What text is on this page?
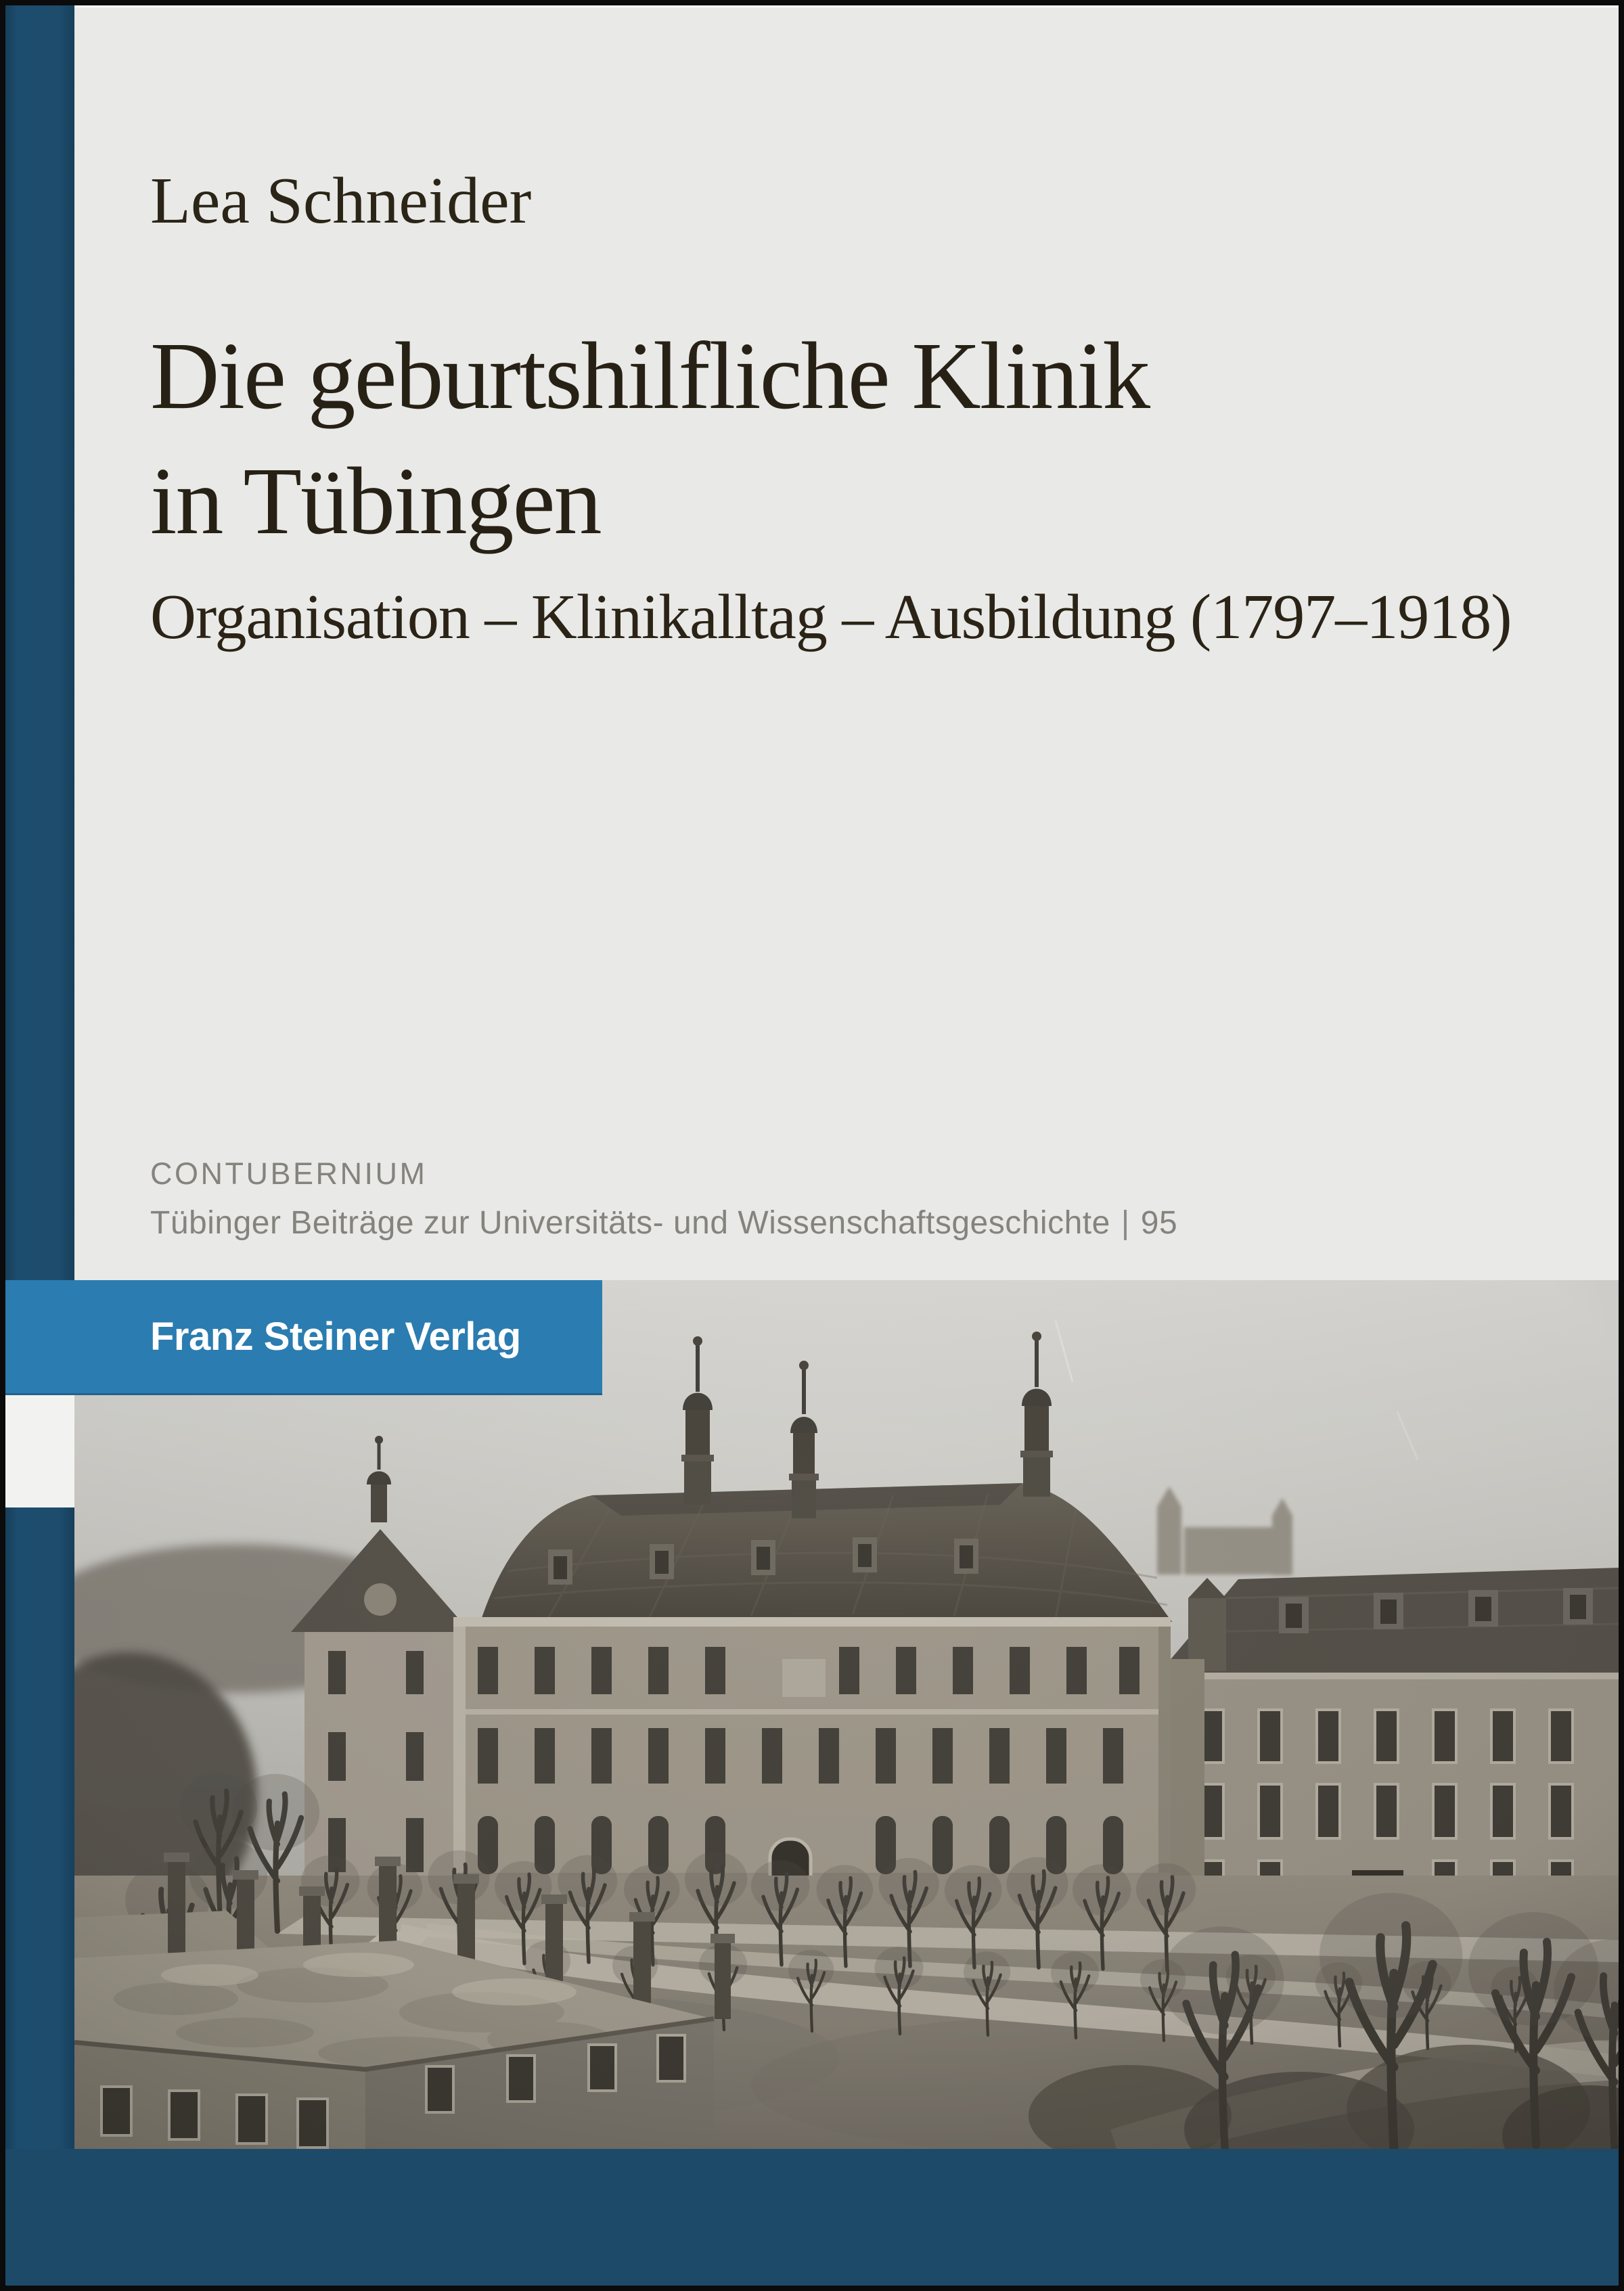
Franz Steiner Verlag
Lea Schneider
Die geburtshilfliche Klinik
in Tübingen
Organisation – Klinikalltag – Ausbildung (1797–1918)
CONTUBERNIUM
Tübinger Beiträge zur Universitäts- und Wissenschaftsgeschichte | 95
